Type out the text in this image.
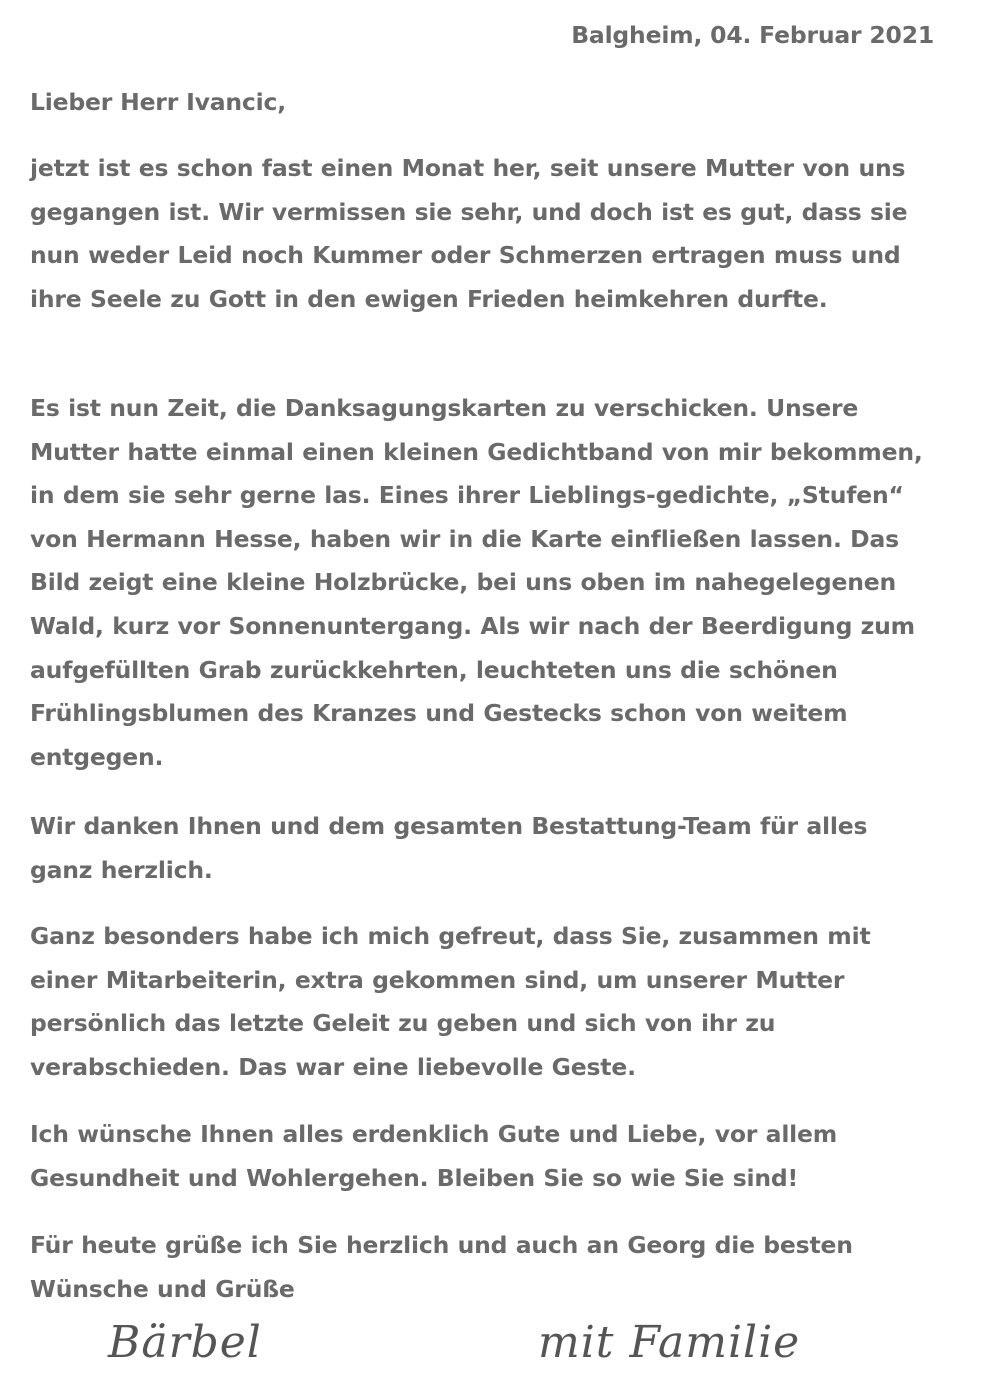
Balgheim, 04. Februar 2021

Lieber Herr Ivancic,

jetzt ist es schon fast einen Monat her, seit unsere Mutter von uns gegangen ist. Wir vermissen sie sehr, und doch ist es gut, dass sie nun weder Leid noch Kummer oder Schmerzen ertragen muss und ihre Seele zu Gott in den ewigen Frieden heimkehren durfte.

Es ist nun Zeit, die Danksagungskarten zu verschicken. Unsere Mutter hatte einmal einen kleinen Gedichtband von mir bekommen, in dem sie sehr gerne las. Eines ihrer Lieblings-gedichte, „Stufen“ von Hermann Hesse, haben wir in die Karte einfließen lassen. Das Bild zeigt eine kleine Holzbrücke, bei uns oben im nahegelegenen Wald, kurz vor Sonnenuntergang. Als wir nach der Beerdigung zum aufgefüllten Grab zurückkehrten, leuchteten uns die schönen Frühlingsblumen des Kranzes und Gestecks schon von weitem entgegen.

Wir danken Ihnen und dem gesamten Bestattung-Team für alles ganz herzlich.

Ganz besonders habe ich mich gefreut, dass Sie, zusammen mit einer Mitarbeiterin, extra gekommen sind, um unserer Mutter persönlich das letzte Geleit zu geben und sich von ihr zu verabschieden. Das war eine liebevolle Geste.

Ich wünsche Ihnen alles erdenklich Gute und Liebe, vor allem Gesundheit und Wohlergehen. Bleiben Sie so wie Sie sind!

Für heute grüße ich Sie herzlich und auch an Georg die besten Wünsche und Grüße

Bärbel	mit Familie
